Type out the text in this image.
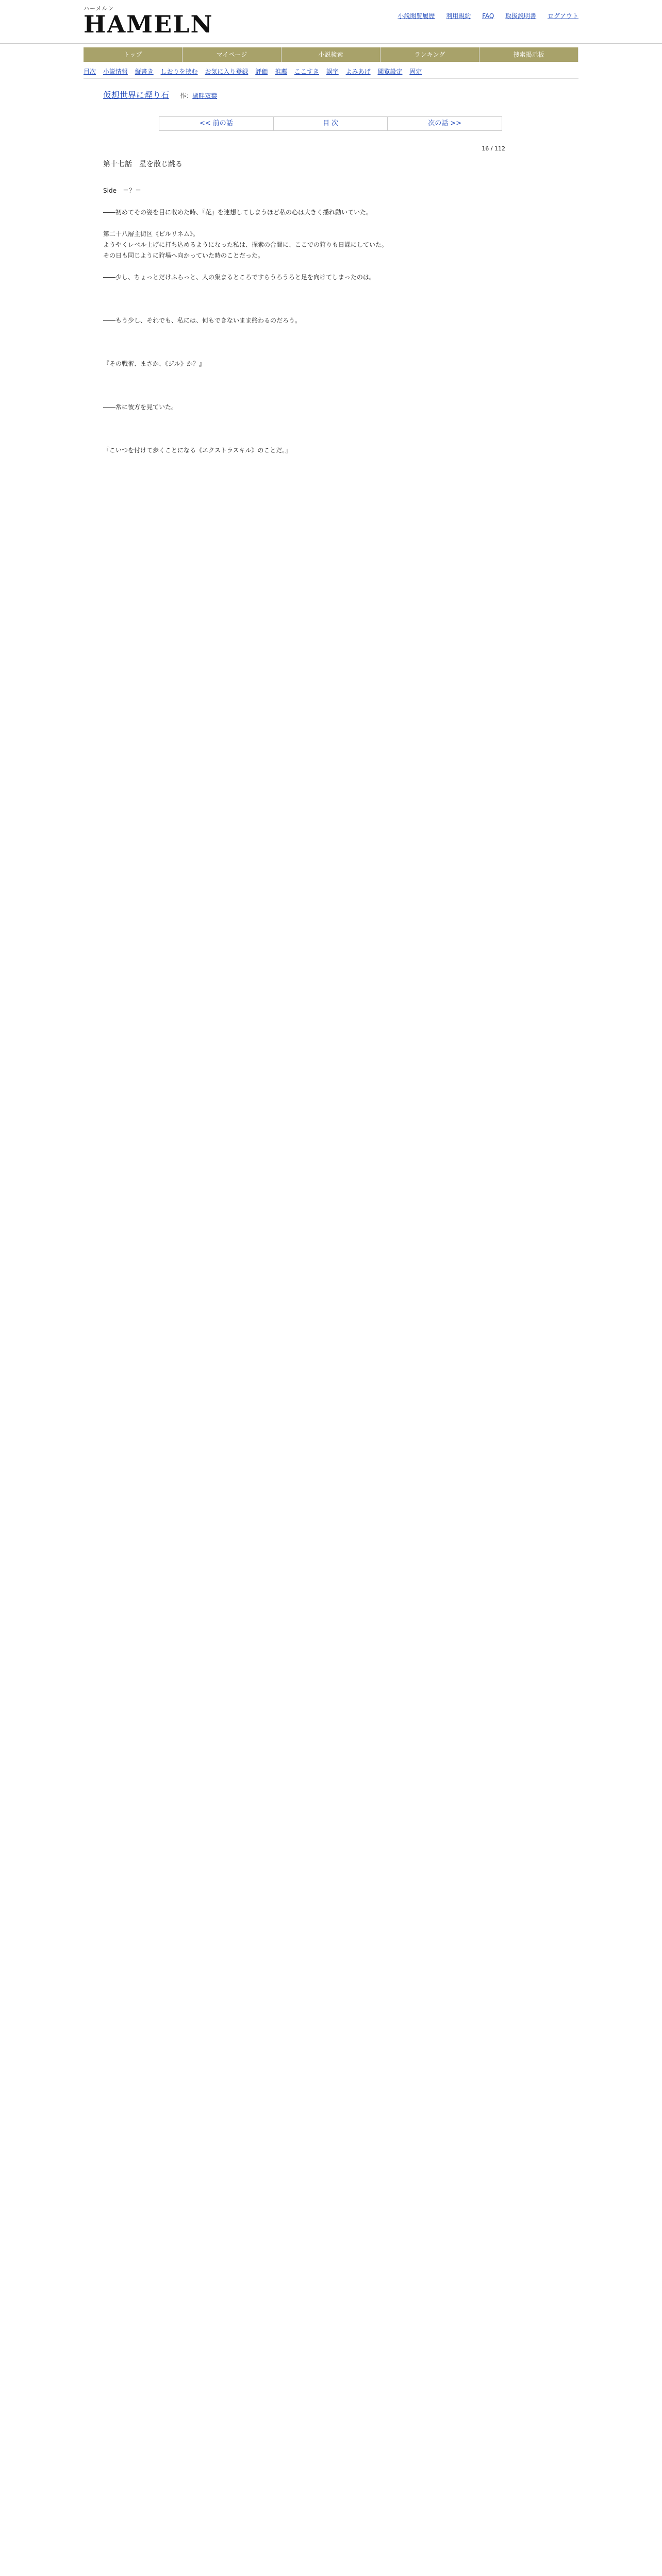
ハーメルン
HAMELN	小説閲覧履歴 利用規約 FAQ 取扱説明書 ログアウト
トップ	マイページ	小説検索	ランキング	捜索掲示板
目次 小説情報 縦書き しおりを挟む お気に入り登録 評価 推薦 ここすき 誤字 よみあげ 閲覧設定 固定
仮想世界に煙り石 作：湖畔双葉
<< 前の話	目 次	次の話 >>
16 / 112
第十七話　星を散じ跳る

Side　＝？＝

――初めてその姿を目に収めた時、『花』を連想してしまうほど私の心は大きく揺れ動いていた。

第二十八層主街区《ビルリネム》。

ようやくレベル上げに打ち込めるようになった私は、探索の合間に、ここでの狩りも日課にしていた。

その日も同じように狩場へ向かっていた時のことだった。

――少し、ちょっとだけふらっと、人の集まるところですらうろうろと足を向けてしまったのは。

――もう少し、それでも、私には、何もできないまま終わるのだろう。

『その戦術、まさか、《ジル》か？』

――常に彼方を見ていた。

『こいつを付けて歩くことになる《エクストラスキル》のことだ。』
